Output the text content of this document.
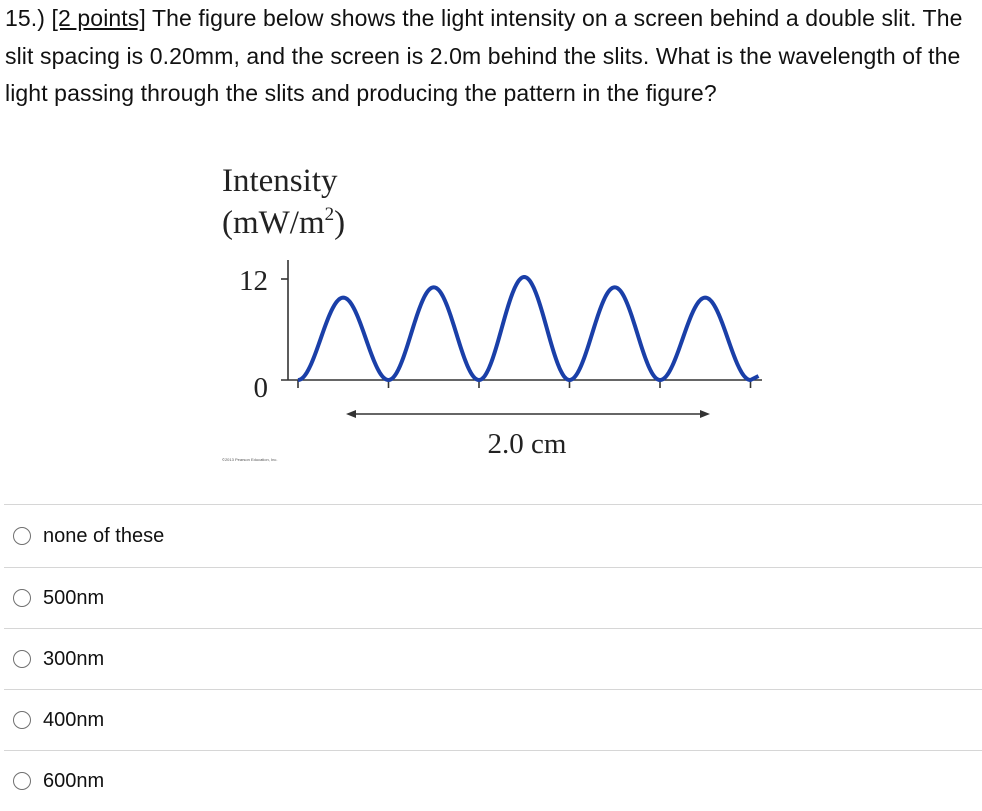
15.) [2 points] The figure below shows the light intensity on a screen behind a double slit. The slit spacing is 0.20mm, and the screen is 2.0m behind the slits. What is the wavelength of the light passing through the slits and producing the pattern in the figure?
Intensity
$(mW/m^2)$
12
0
2.0 cm
©2013 Pearson Education, Inc.
none of these
500nm
300nm
400nm
600nm
